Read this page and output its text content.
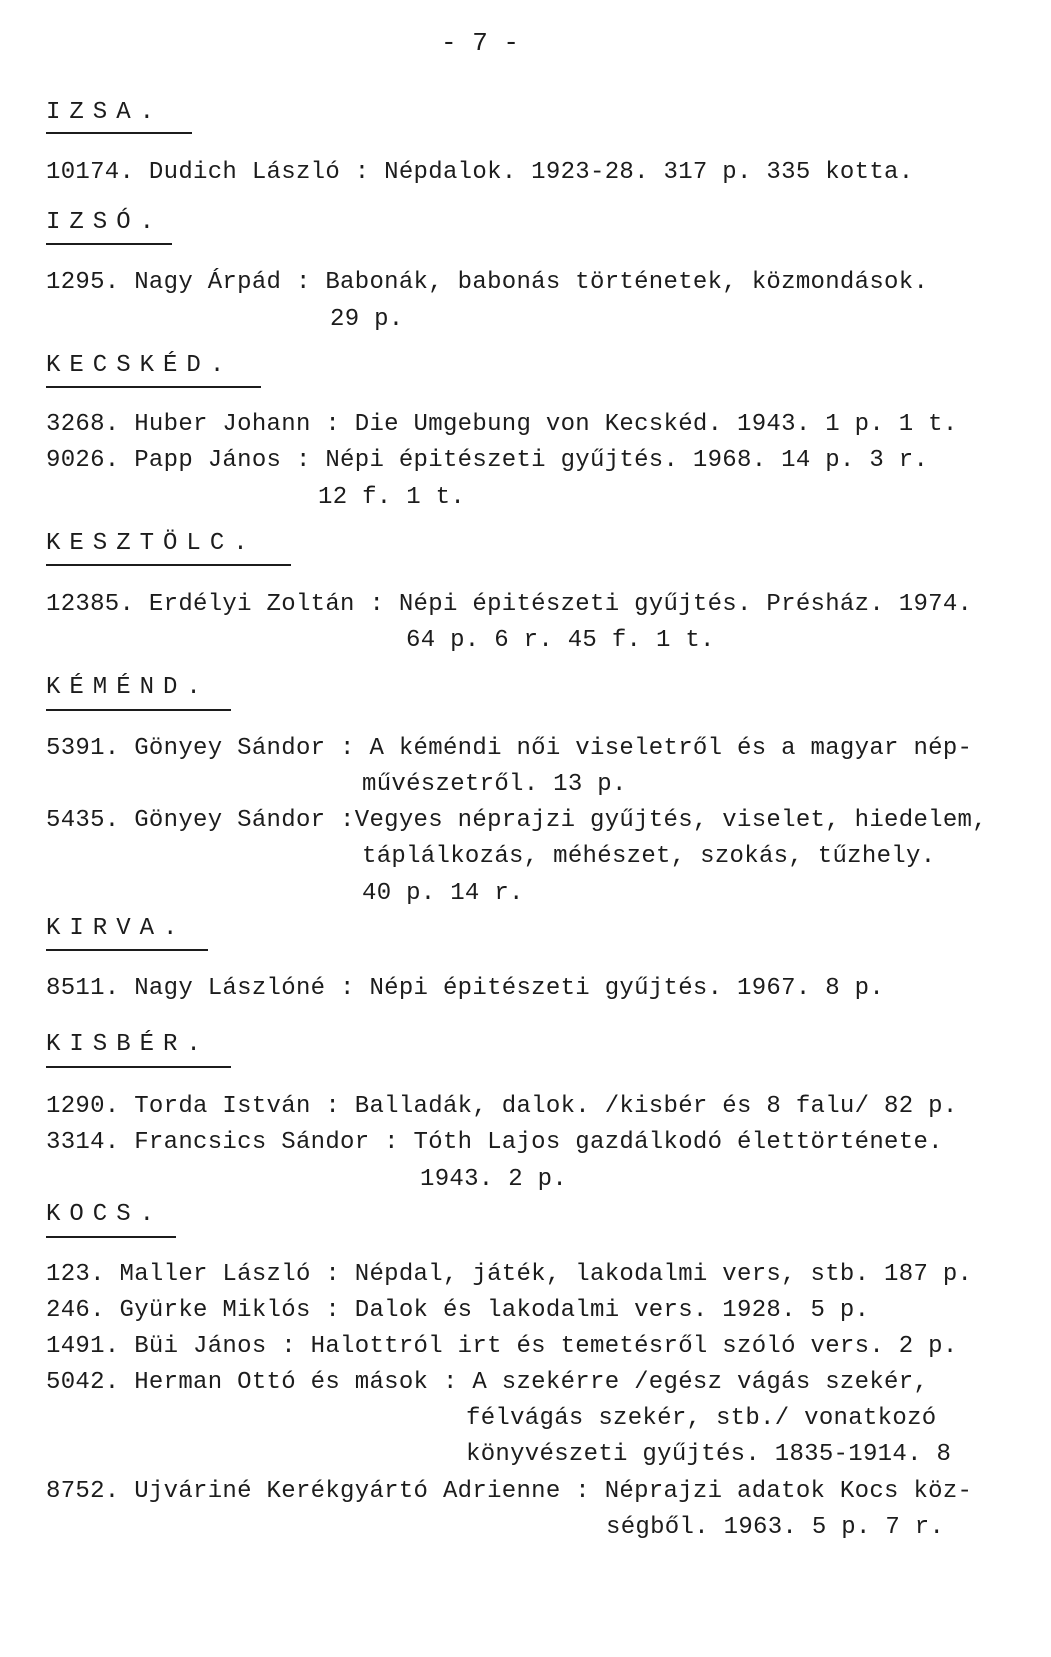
- 7 -
IZSA.
10174. Dudich László : Népdalok. 1923-28. 317 p. 335 kotta.
IZSÓ.
1295. Nagy Árpád : Babonák, babonás történetek, közmondások.
29 p.
KECSKÉD.
3268. Huber Johann : Die Umgebung von Kecskéd. 1943. 1 p. 1 t.
9026. Papp János : Népi épitészeti gyűjtés. 1968. 14 p. 3 r.
12 f. 1 t.
KESZTÖLC.
12385. Erdélyi Zoltán : Népi épitészeti gyűjtés. Présház. 1974.
64 p. 6 r. 45 f. 1 t.
KÉMÉND.
5391. Gönyey Sándor : A kéméndi női viseletről és a magyar nép-
művészetről. 13 p.
5435. Gönyey Sándor :Vegyes néprajzi gyűjtés, viselet, hiedelem,
táplálkozás, méhészet, szokás, tűzhely.
40 p. 14 r.
KIRVA.
8511. Nagy Lászlóné : Népi épitészeti gyűjtés. 1967. 8 p.
KISBÉR.
1290. Torda István : Balladák, dalok. /kisbér és 8 falu/ 82 p.
3314. Francsics Sándor : Tóth Lajos gazdálkodó élettörténete.
1943. 2 p.
KOCS.
123. Maller László : Népdal, játék, lakodalmi vers, stb. 187 p.
246. Gyürke Miklós : Dalok és lakodalmi vers. 1928. 5 p.
1491. Büi János : Halottról irt és temetésről szóló vers. 2 p.
5042. Herman Ottó és mások : A szekérre /egész vágás szekér,
félvágás szekér, stb./ vonatkozó
könyvészeti gyűjtés. 1835-1914. 8
8752. Ujváriné Kerékgyártó Adrienne : Néprajzi adatok Kocs köz-
ségből. 1963. 5 p. 7 r.
